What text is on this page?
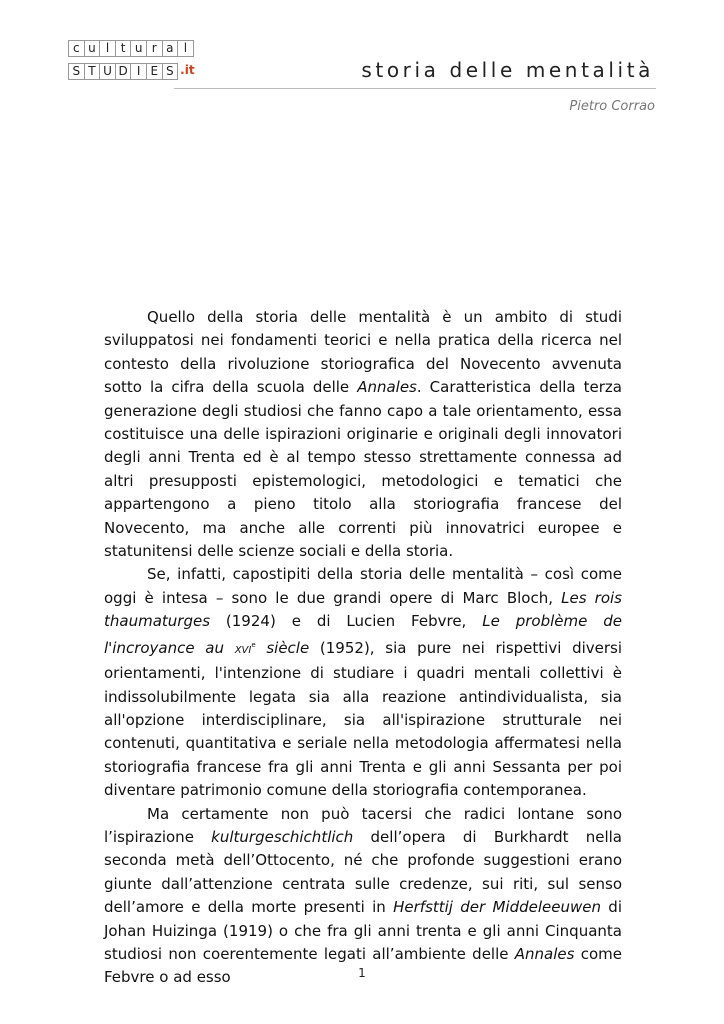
c u l t u r a l
S T U D I E S .it	storia delle mentalità
Pietro Corrao

Quello della storia delle mentalità è un ambito di studi sviluppatosi nei fondamenti teorici e nella pratica della ricerca nel contesto della rivoluzione storiografica del Novecento avvenuta sotto la cifra della scuola delle Annales. Caratteristica della terza generazione degli studiosi che fanno capo a tale orientamento, essa costituisce una delle ispirazioni originarie e originali degli innovatori degli anni Trenta ed è al tempo stesso strettamente connessa ad altri presupposti epistemologici, metodologici e tematici che appartengono a pieno titolo alla storiografia francese del Novecento, ma anche alle correnti più innovatrici europee e statunitensi delle scienze sociali e della storia.

Se, infatti, capostipiti della storia delle mentalità – così come oggi è intesa – sono le due grandi opere di Marc Bloch, Les rois thaumaturges (1924) e di Lucien Febvre, Le problème de l'incroyance au XVIe siècle (1952), sia pure nei rispettivi diversi orientamenti, l'intenzione di studiare i quadri mentali collettivi è indissolubilmente legata sia alla reazione antindividualista, sia all'opzione interdisciplinare, sia all'ispirazione strutturale nei contenuti, quantitativa e seriale nella metodologia affermatesi nella storiografia francese fra gli anni Trenta e gli anni Sessanta per poi diventare patrimonio comune della storiografia contemporanea.

Ma certamente non può tacersi che radici lontane sono l’ispirazione kulturgeschichtlich dell’opera di Burkhardt nella seconda metà dell’Ottocento, né che profonde suggestioni erano giunte dall’attenzione centrata sulle credenze, sui riti, sul senso dell’amore e della morte presenti in Herfsttij der Middeleeuwen di Johan Huizinga (1919) o che fra gli anni trenta e gli anni Cinquanta studiosi non coerentemente legati all’ambiente delle Annales come Febvre o ad esso	1
